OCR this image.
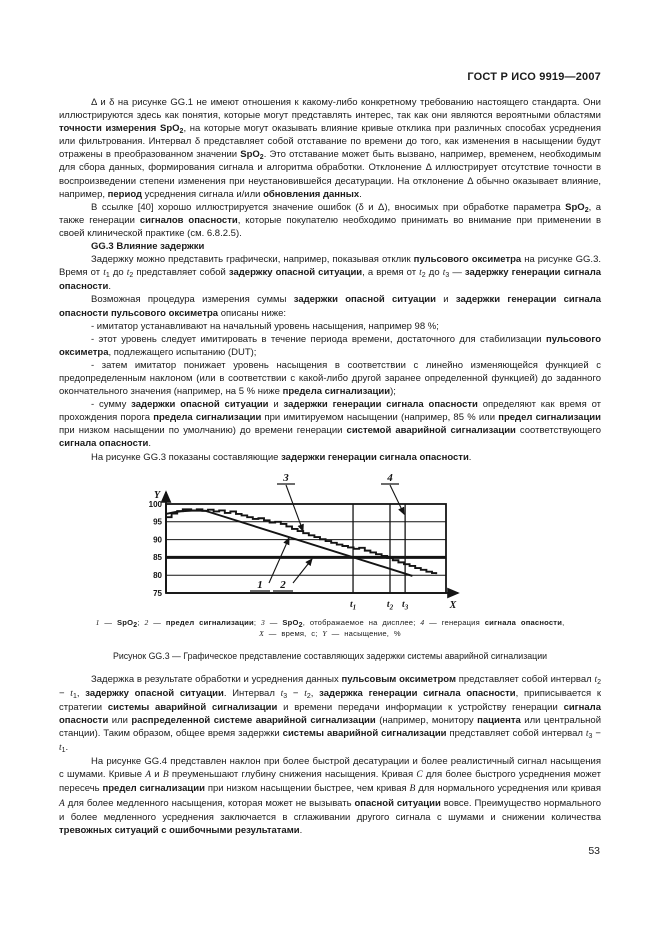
ГОСТ Р ИСО 9919—2007
Δ и δ на рисунке GG.1 не имеют отношения к какому-либо конкретному требованию настоящего стандарта. Они иллюстрируются здесь как понятия, которые могут представлять интерес, так как они являются вероятными областями точности измерения SpO$_2$, на которые могут оказывать влияние кривые отклика при различных способах усреднения или фильтрования. Интервал δ представляет собой отставание по времени до того, как изменения в насыщении будут отражены в преобразованном значении SpO$_2$. Это отставание может быть вызвано, например, временем, необходимым для сбора данных, формирования сигнала и алгоритма обработки. Отклонение Δ иллюстрирует отсутствие точности в воспроизведении степени изменения при неустановившейся десатурации. На отклонение Δ обычно оказывает влияние, например, период усреднения сигнала и/или обновления данных.
В ссылке [40] хорошо иллюстрируется значение ошибок (δ и Δ), вносимых при обработке параметра SpO$_2$, а также генерации сигналов опасности, которые покупателю необходимо принимать во внимание при применении в своей клинической практике (см. 6.8.2.5).
GG.3 Влияние задержки
Задержку можно представить графически, например, показывая отклик пульсового оксиметра на рисунке GG.3. Время от $t_1$ до $t_2$ представляет собой задержку опасной ситуации, а время от $t_2$ до $t_3$ — задержку генерации сигнала опасности.
Возможная процедура измерения суммы задержки опасной ситуации и задержки генерации сигнала опасности пульсового оксиметра описаны ниже:
- имитатор устанавливают на начальный уровень насыщения, например 98 %;
- этот уровень следует имитировать в течение периода времени, достаточного для стабилизации пульсового оксиметра, подлежащего испытанию (DUT);
- затем имитатор понижает уровень насыщения в соответствии с линейно изменяющейся функцией с предопределенным наклоном (или в соответствии с какой-либо другой заранее определенной функцией) до заданного окончательного значения (например, на 5 % ниже предела сигнализации);
- сумму задержки опасной ситуации и задержки генерации сигнала опасности определяют как время от прохождения порога предела сигнализации при имитируемом насыщении (например, 85 % или предел сигнализации при низком насыщении по умолчанию) до времени генерации системой аварийной сигнализации соответствующего сигнала опасности.
На рисунке GG.3 показаны составляющие задержки генерации сигнала опасности.
100
95
90
85
80
75
$t_1$	$t_2$ $t_3$
Y
X
1 2
3	4
1 — SpO$_2$; 2 — предел сигнализации; 3 — SpO$_2$, отображаемое на дисплее; 4 — генерация сигнала опасности,
X — время, с; Y — насыщение, %
Рисунок GG.3 — Графическое представление составляющих задержки системы аварийной сигнализации
Задержка в результате обработки и усреднения данных пульсовым оксиметром представляет собой интервал $t_2 - t_1$, задержку опасной ситуации. Интервал $t_3 - t_2$, задержка генерации сигнала опасности, приписывается к стратегии системы аварийной сигнализации и времени передачи информации к устройству генерации сигнала опасности или распределенной системе аварийной сигнализации (например, монитору пациента или центральной станции). Таким образом, общее время задержки системы аварийной сигнализации представляет собой интервал $t_3 - t_1$.
На рисунке GG.4 представлен наклон при более быстрой десатурации и более реалистичный сигнал насыщения с шумами. Кривые А и В преуменьшают глубину снижения насыщения. Кривая С для более быстрого усреднения может пересечь предел сигнализации при низком насыщении быстрее, чем кривая В для нормального усреднения или кривая А для более медленного насыщения, которая может не вызывать опасной ситуации вовсе. Преимущество нормального и более медленного усреднения заключается в сглаживании другого сигнала с шумами и снижении количества тревожных ситуаций с ошибочными результатами.
53
